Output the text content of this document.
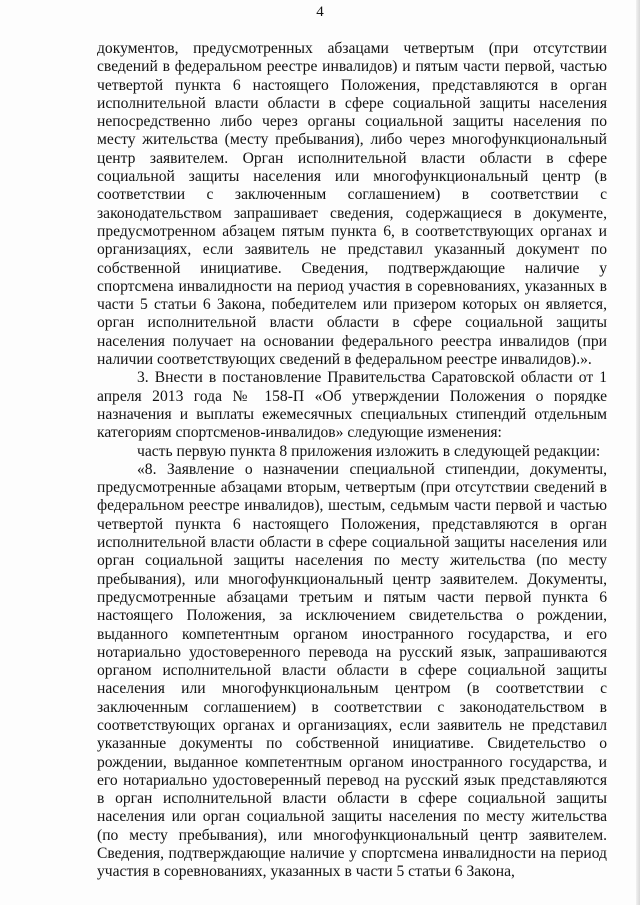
4

документов, предусмотренных абзацами четвертым (при отсутствии сведений в федеральном реестре инвалидов) и пятым части первой, частью четвертой пункта 6 настоящего Положения, представляются в орган исполнительной власти области в сфере социальной защиты населения непосредственно либо через органы социальной защиты населения по месту жительства (месту пребывания), либо через многофункциональный центр заявителем. Орган исполнительной власти области в сфере социальной защиты населения или многофункциональный центр (в соответствии с заключенным соглашением) в соответствии с законодательством запрашивает сведения, содержащиеся в документе, предусмотренном абзацем пятым пункта 6, в соответствующих органах и организациях, если заявитель не представил указанный документ по собственной инициативе. Сведения, подтверждающие наличие у спортсмена инвалидности на период участия в соревнованиях, указанных в части 5 статьи 6 Закона, победителем или призером которых он является, орган исполнительной власти области в сфере социальной защиты населения получает на основании федерального реестра инвалидов (при наличии соответствующих сведений в федеральном реестре инвалидов).».

3. Внести в постановление Правительства Саратовской области от 1 апреля 2013 года № 158-П «Об утверждении Положения о порядке назначения и выплаты ежемесячных специальных стипендий отдельным категориям спортсменов-инвалидов» следующие изменения:

часть первую пункта 8 приложения изложить в следующей редакции:

«8. Заявление о назначении специальной стипендии, документы, предусмотренные абзацами вторым, четвертым (при отсутствии сведений в федеральном реестре инвалидов), шестым, седьмым части первой и частью четвертой пункта 6 настоящего Положения, представляются в орган исполнительной власти области в сфере социальной защиты населения или орган социальной защиты населения по месту жительства (по месту пребывания), или многофункциональный центр заявителем. Документы, предусмотренные абзацами третьим и пятым части первой пункта 6 настоящего Положения, за исключением свидетельства о рождении, выданного компетентным органом иностранного государства, и его нотариально удостоверенного перевода на русский язык, запрашиваются органом исполнительной власти области в сфере социальной защиты населения или многофункциональным центром (в соответствии с заключенным соглашением) в соответствии с законодательством в соответствующих органах и организациях, если заявитель не представил указанные документы по собственной инициативе. Свидетельство о рождении, выданное компетентным органом иностранного государства, и его нотариально удостоверенный перевод на русский язык представляются в орган исполнительной власти области в сфере социальной защиты населения или орган социальной защиты населения по месту жительства (по месту пребывания), или многофункциональный центр заявителем. Сведения, подтверждающие наличие у спортсмена инвалидности на период участия в соревнованиях, указанных в части 5 статьи 6 Закона,
